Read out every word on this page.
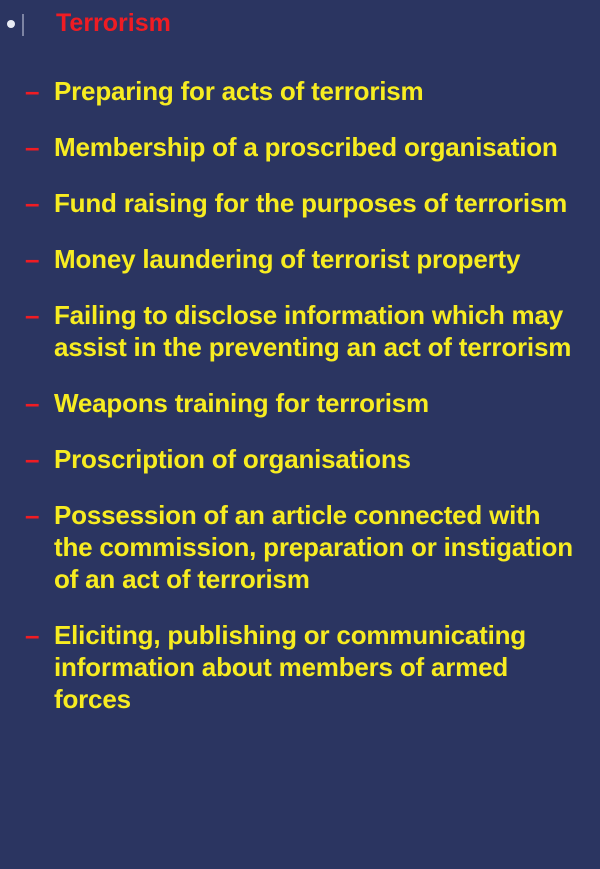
Terrorism
– Preparing for acts of terrorism
– Membership of a proscribed organisation
– Fund raising for the purposes of terrorism
– Money laundering of terrorist property
– Failing to disclose information which may assist in the preventing an act of terrorism
– Weapons training for terrorism
– Proscription of organisations
– Possession of an article connected with the commission, preparation or instigation of an act of terrorism
– Eliciting, publishing or communicating information about members of armed forces
